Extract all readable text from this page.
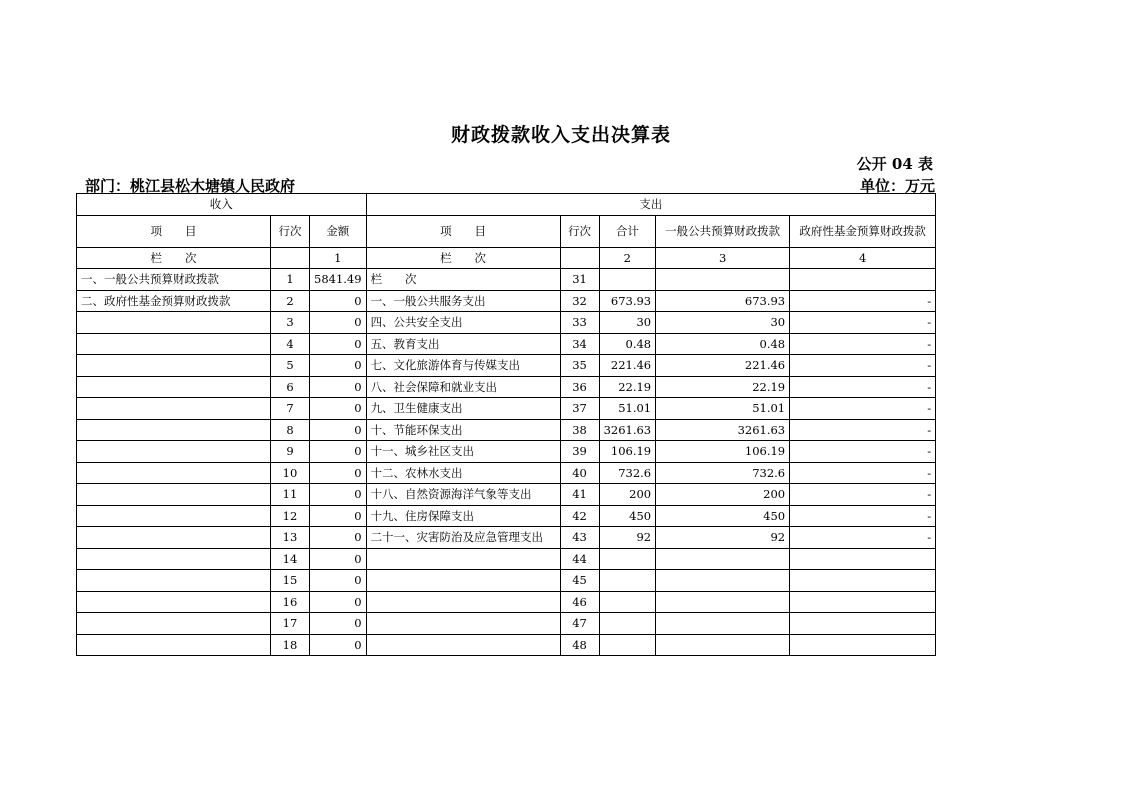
财政拨款收入支出决算表
公开 04 表
部门：桃江县松木塘镇人民政府	单位：万元
收入			支出				
项　　目	行次	金额	项　　目	行次	合计	一般公共预算财政拨款	政府性基金预算财政拨款
栏　　次		1	栏　　次		2	3	4
一、一般公共预算财政拨款	1	5841.49	栏　　次	31			
二、政府性基金预算财政拨款	2	0	一、一般公共服务支出	32	673.93	673.93	-
	3	0	四、公共安全支出	33	30	30	-
	4	0	五、教育支出	34	0.48	0.48	-
	5	0	七、文化旅游体育与传媒支出	35	221.46	221.46	-
	6	0	八、社会保障和就业支出	36	22.19	22.19	-
	7	0	九、卫生健康支出	37	51.01	51.01	-
	8	0	十、节能环保支出	38	3261.63	3261.63	-
	9	0	十一、城乡社区支出	39	106.19	106.19	-
	10	0	十二、农林水支出	40	732.6	732.6	-
	11	0	十八、自然资源海洋气象等支出	41	200	200	-
	12	0	十九、住房保障支出	42	450	450	-
	13	0	二十一、灾害防治及应急管理支出	43	92	92	-
	14	0		44			
	15	0		45			
	16	0		46			
	17	0		47			
	18	0		48			
